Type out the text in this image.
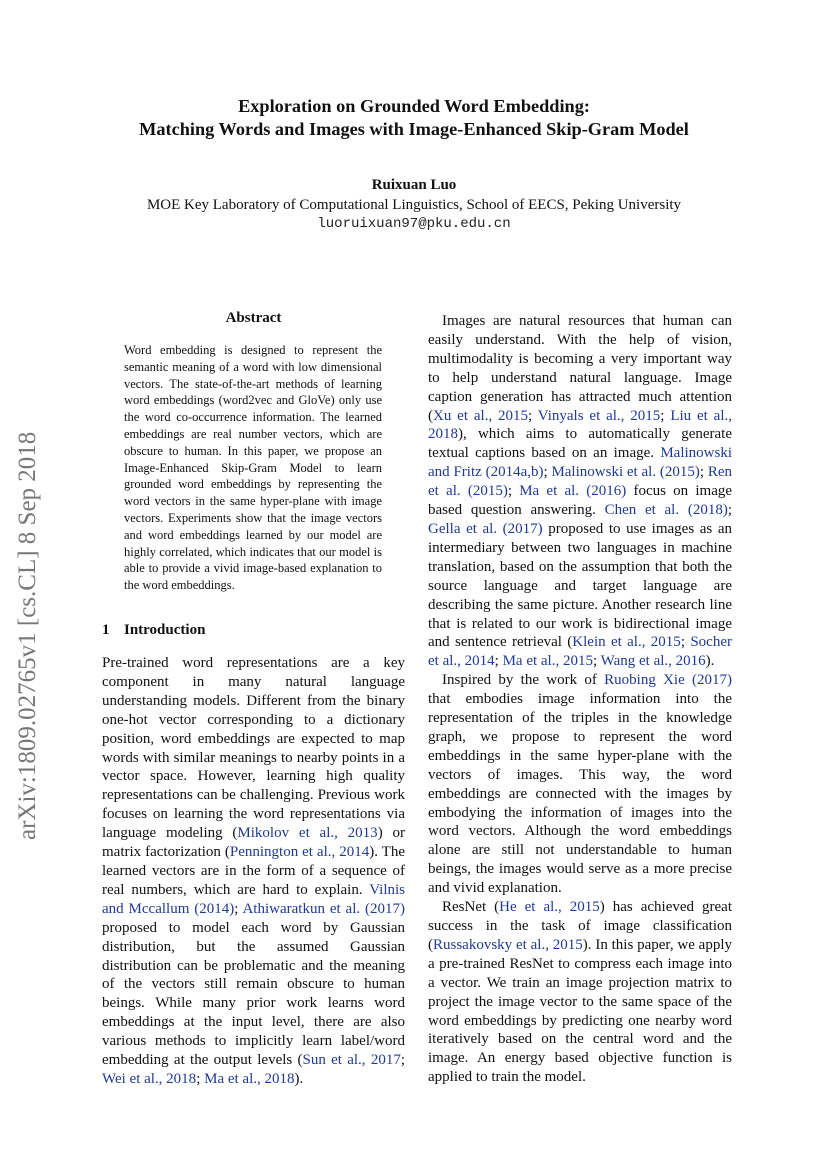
Exploration on Grounded Word Embedding:
Matching Words and Images with Image-Enhanced Skip-Gram Model
Ruixuan Luo
MOE Key Laboratory of Computational Linguistics, School of EECS, Peking University
luoruixuan97@pku.edu.cn
arXiv:1809.02765v1 [cs.CL] 8 Sep 2018
Abstract
Word embedding is designed to represent the semantic meaning of a word with low dimensional vectors. The state-of-the-art methods of learning word embeddings (word2vec and GloVe) only use the word co-occurrence information. The learned embeddings are real number vectors, which are obscure to human. In this paper, we propose an Image-Enhanced Skip-Gram Model to learn grounded word embeddings by representing the word vectors in the same hyper-plane with image vectors. Experiments show that the image vectors and word embeddings learned by our model are highly correlated, which indicates that our model is able to provide a vivid image-based explanation to the word embeddings.
1 Introduction

Pre-trained word representations are a key component in many natural language understanding models. Different from the binary one-hot vector corresponding to a dictionary position, word embeddings are expected to map words with similar meanings to nearby points in a vector space. However, learning high quality representations can be challenging. Previous work focuses on learning the word representations via language modeling (Mikolov et al., 2013) or matrix factorization (Pennington et al., 2014). The learned vectors are in the form of a sequence of real numbers, which are hard to explain. Vilnis and Mccallum (2014); Athiwaratkun et al. (2017) proposed to model each word by Gaussian distribution, but the assumed Gaussian distribution can be problematic and the meaning of the vectors still remain obscure to human beings. While many prior work learns word embeddings at the input level, there are also various methods to implicitly learn label/word embedding at the output levels (Sun et al., 2017; Wei et al., 2018; Ma et al., 2018).

Images are natural resources that human can easily understand. With the help of vision, multimodality is becoming a very important way to help understand natural language. Image caption generation has attracted much attention (Xu et al., 2015; Vinyals et al., 2015; Liu et al., 2018), which aims to automatically generate textual captions based on an image. Malinowski and Fritz (2014a,b); Malinowski et al. (2015); Ren et al. (2015); Ma et al. (2016) focus on image based question answering. Chen et al. (2018); Gella et al. (2017) proposed to use images as an intermediary between two languages in machine translation, based on the assumption that both the source language and target language are describing the same picture. Another research line that is related to our work is bidirectional image and sentence retrieval (Klein et al., 2015; Socher et al., 2014; Ma et al., 2015; Wang et al., 2016).

Inspired by the work of Ruobing Xie (2017) that embodies image information into the representation of the triples in the knowledge graph, we propose to represent the word embeddings in the same hyper-plane with the vectors of images. This way, the word embeddings are connected with the images by embodying the information of images into the word vectors. Although the word embeddings alone are still not understandable to human beings, the images would serve as a more precise and vivid explanation.

ResNet (He et al., 2015) has achieved great success in the task of image classification (Russakovsky et al., 2015). In this paper, we apply a pre-trained ResNet to compress each image into a vector. We train an image projection matrix to project the image vector to the same space of the word embeddings by predicting one nearby word iteratively based on the central word and the image. An energy based objective function is applied to train the model.
